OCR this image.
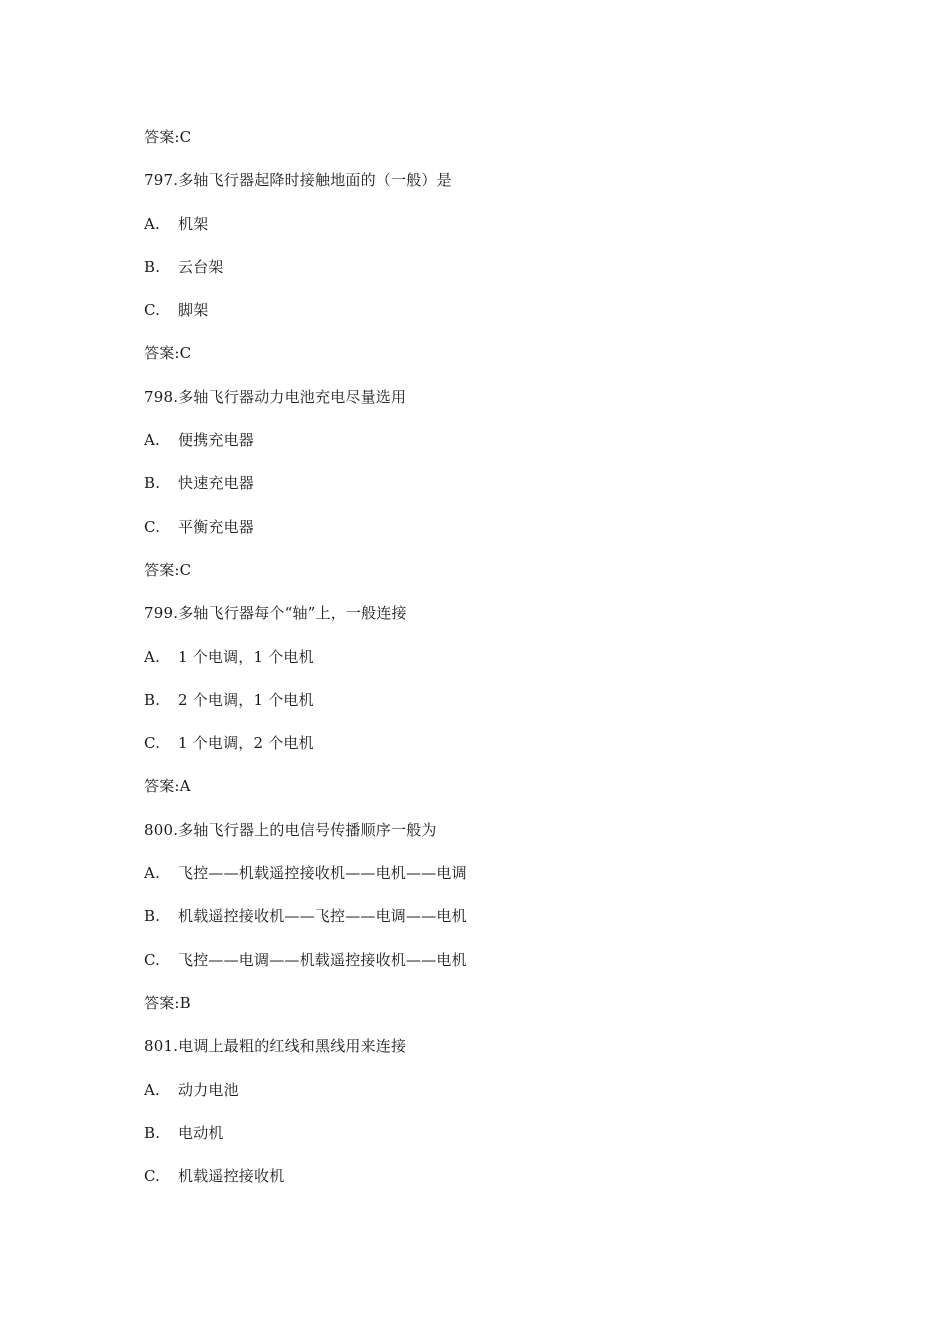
答案:C
797.多轴飞行器起降时接触地面的（一般）是
A. 机架
B. 云台架
C. 脚架
答案:C
798.多轴飞行器动力电池充电尽量选用
A. 便携充电器
B. 快速充电器
C. 平衡充电器
答案:C
799.多轴飞行器每个“轴”上，一般连接
A. 1 个电调，1 个电机
B. 2 个电调，1 个电机
C. 1 个电调，2 个电机
答案:A
800.多轴飞行器上的电信号传播顺序一般为
A. 飞控——机载遥控接收机——电机——电调
B. 机载遥控接收机——飞控——电调——电机
C. 飞控——电调——机载遥控接收机——电机
答案:B
801.电调上最粗的红线和黑线用来连接
A. 动力电池
B. 电动机
C. 机载遥控接收机
